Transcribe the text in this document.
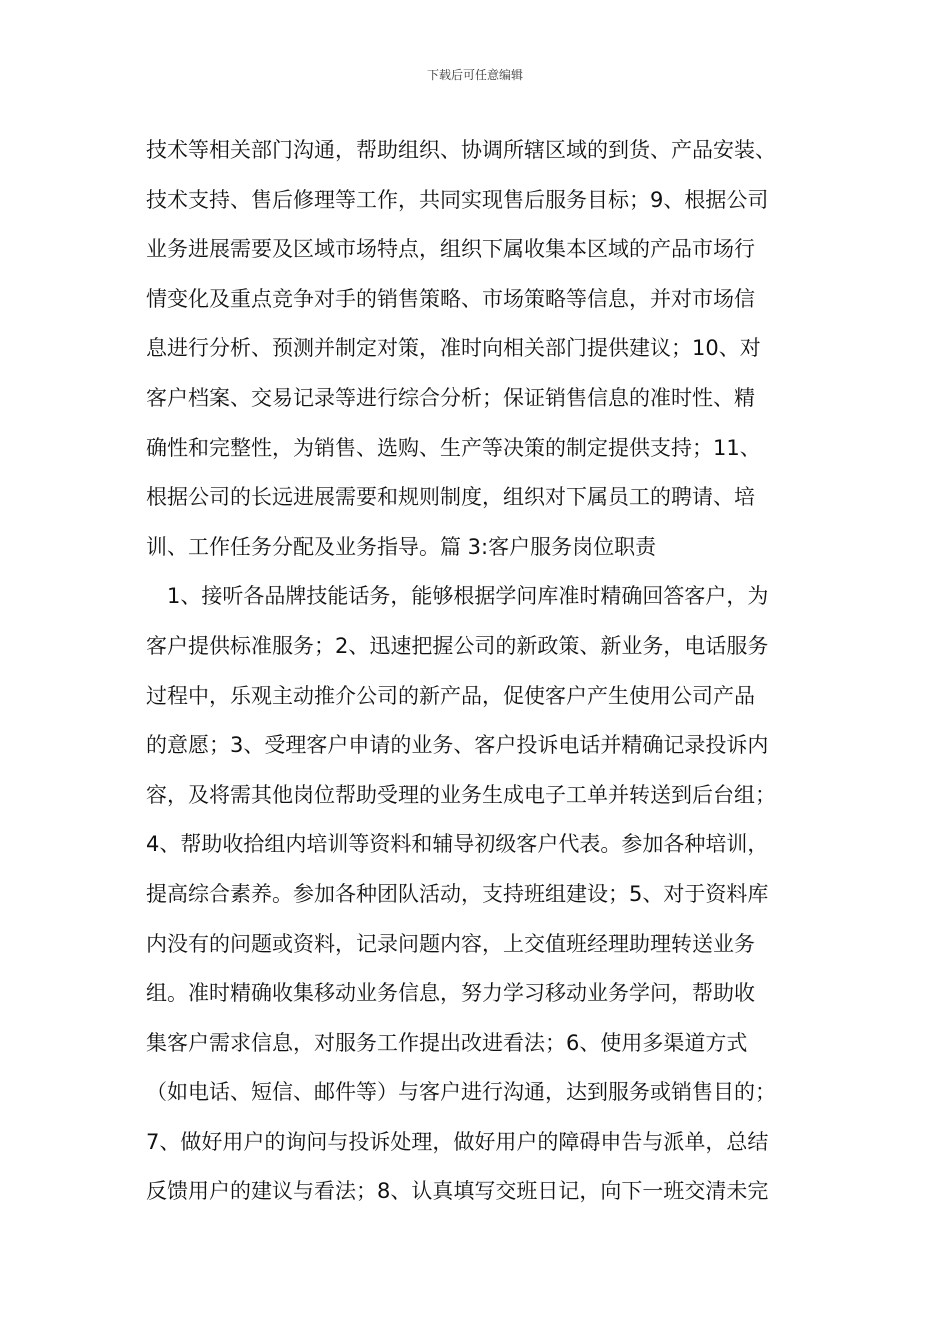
下载后可任意编辑
技术等相关部门沟通，帮助组织、协调所辖区域的到货、产品安装、
技术支持、售后修理等工作，共同实现售后服务目标；9、根据公司
业务进展需要及区域市场特点，组织下属收集本区域的产品市场行
情变化及重点竞争对手的销售策略、市场策略等信息，并对市场信
息进行分析、预测并制定对策，准时向相关部门提供建议；10、对
客户档案、交易记录等进行综合分析；保证销售信息的准时性、精
确性和完整性，为销售、选购、生产等决策的制定提供支持；11、
根据公司的长远进展需要和规则制度，组织对下属员工的聘请、培
训、工作任务分配及业务指导。篇 3:客户服务岗位职责
1、接听各品牌技能话务，能够根据学问库准时精确回答客户，为
客户提供标准服务；2、迅速把握公司的新政策、新业务，电话服务
过程中，乐观主动推介公司的新产品，促使客户产生使用公司产品
的意愿；3、受理客户申请的业务、客户投诉电话并精确记录投诉内
容，及将需其他岗位帮助受理的业务生成电子工单并转送到后台组；
4、帮助收拾组内培训等资料和辅导初级客户代表。参加各种培训，
提高综合素养。参加各种团队活动，支持班组建设；5、对于资料库
内没有的问题或资料，记录问题内容，上交值班经理助理转送业务
组。准时精确收集移动业务信息，努力学习移动业务学问，帮助收
集客户需求信息，对服务工作提出改进看法；6、使用多渠道方式
（如电话、短信、邮件等）与客户进行沟通，达到服务或销售目的；
7、做好用户的询问与投诉处理，做好用户的障碍申告与派单，总结
反馈用户的建议与看法；8、认真填写交班日记，向下一班交清未完
